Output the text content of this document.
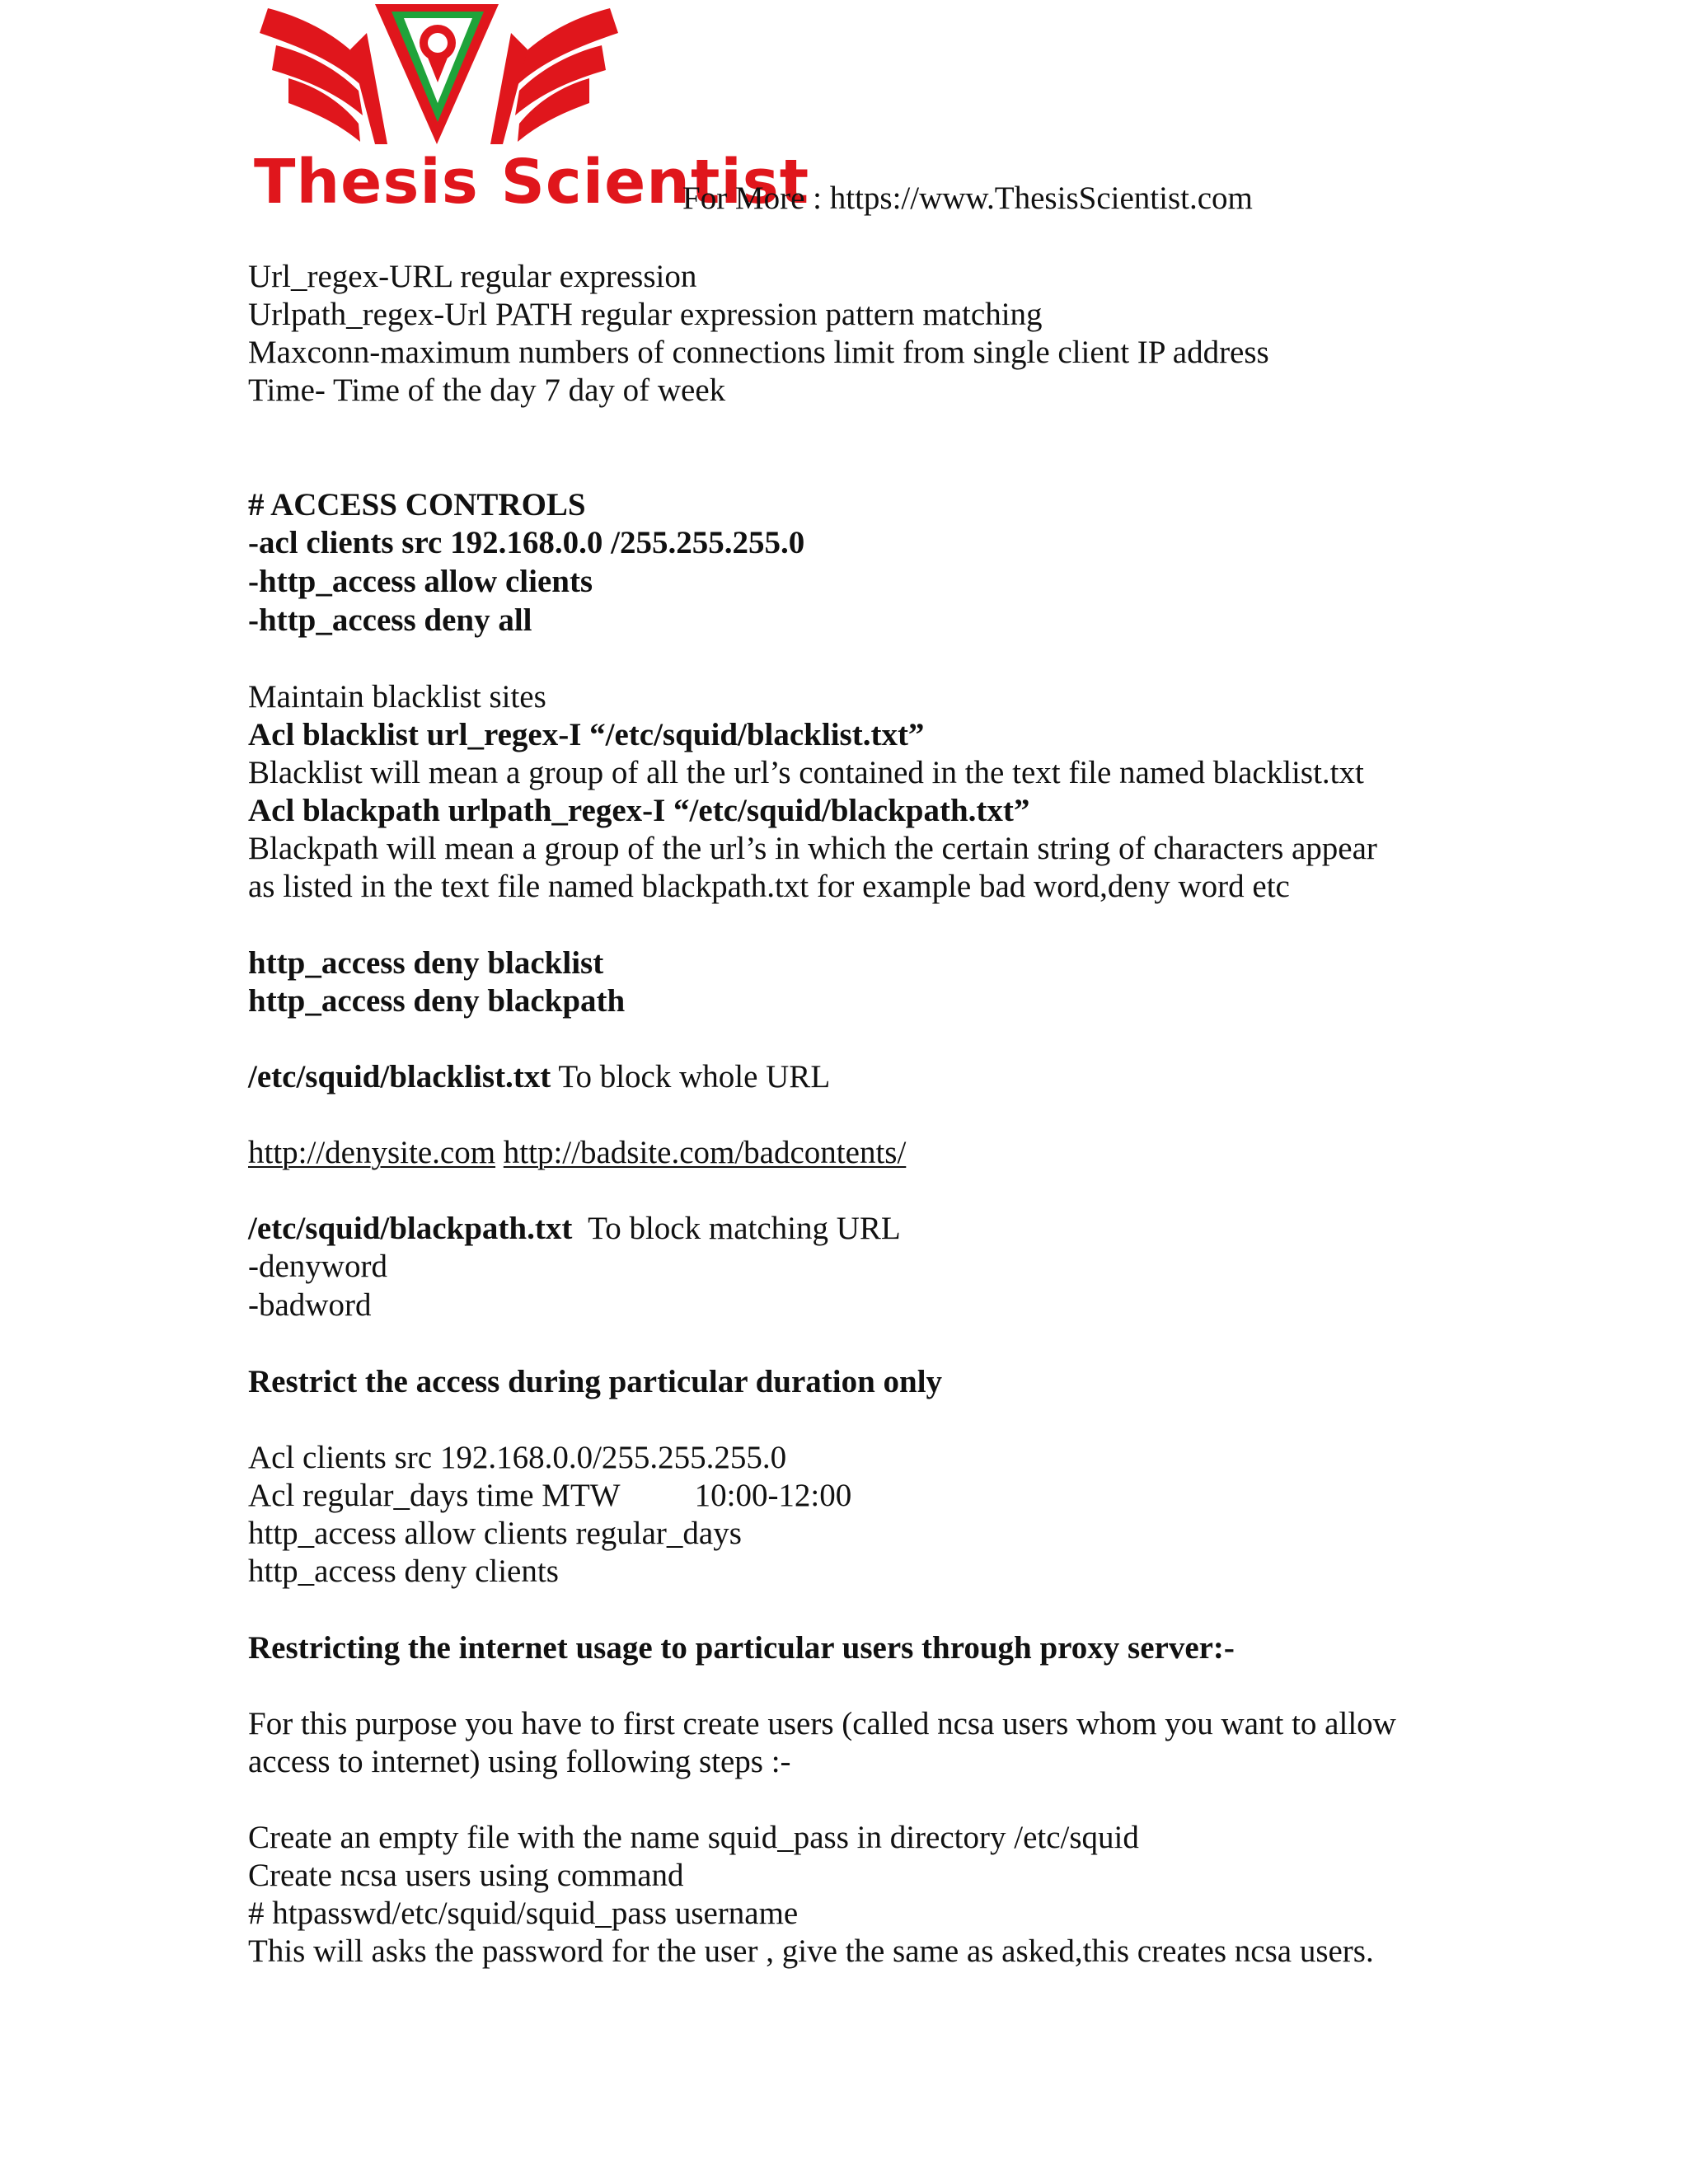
Thesis Scientist
For More : https://www.ThesisScientist.com
Url_regex-URL regular expression
Urlpath_regex-Url PATH regular expression pattern matching
Maxconn-maximum numbers of connections limit from single client IP address
Time- Time of the day 7 day of week
# ACCESS CONTROLS
-acl clients src 192.168.0.0 /255.255.255.0
-http_access allow clients
-http_access deny all
Maintain blacklist sites
Acl blacklist url_regex-I “/etc/squid/blacklist.txt”
Blacklist will mean a group of all the url’s contained in the text file named blacklist.txt
Acl blackpath urlpath_regex-I “/etc/squid/blackpath.txt”
Blackpath will mean a group of the url’s in which the certain string of characters appear
as listed in the text file named blackpath.txt for example bad word,deny word etc
http_access deny blacklist
http_access deny blackpath
/etc/squid/blacklist.txt To block whole URL
http://denysite.com http://badsite.com/badcontents/
/etc/squid/blackpath.txt  To block matching URL
-denyword
-badword
Restrict the access during particular duration only
Acl clients src 192.168.0.0/255.255.255.0
Acl regular_days time MTW 10:00-12:00
http_access allow clients regular_days
http_access deny clients
Restricting the internet usage to particular users through proxy server:-
For this purpose you have to first create users (called ncsa users whom you want to allow
access to internet) using following steps :-
Create an empty file with the name squid_pass in directory /etc/squid
Create ncsa users using command
# htpasswd/etc/squid/squid_pass username
This will asks the password for the user , give the same as asked,this creates ncsa users.
